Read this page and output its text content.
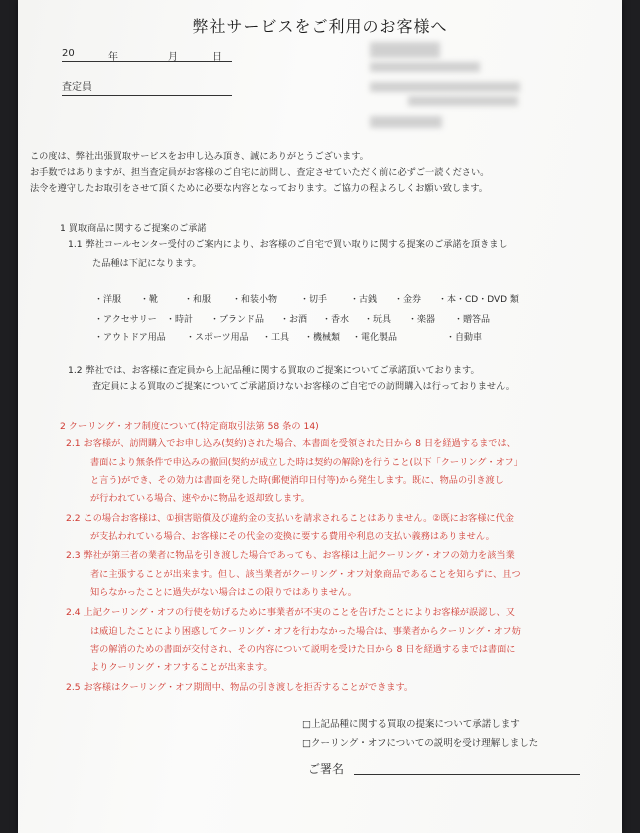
弊社サービスをご利用のお客様へ
20	年	月	日

査定員
この度は、弊社出張買取サービスをお申し込み頂き、誠にありがとうございます。
お手数ではありますが、担当査定員がお客様のご自宅に訪問し、査定させていただく前に必ずご一読ください。
法令を遵守したお取引をさせて頂くために必要な内容となっております。ご協力の程よろしくお願い致します。
1 買取商品に関するご提案のご承諾
1.1 弊社コールセンター受付のご案内により、お客様のご自宅で買い取りに関する提案のご承諾を頂きまし
た品種は下記になります。
・洋服 ・靴	・和服 ・和装小物	・切手	・古銭 ・金券 ・本・CD・DVD 類
・アクセサリー ・時計 ・ブランド品 ・お酒 ・香水 ・玩具 ・楽器 ・贈答品
・アウトドア用品 ・スポーツ用品 ・工具 ・機械類 ・電化製品	・自動車
1.2 弊社では、お客様に査定員から上記品種に関する買取のご提案についてご承諾頂いております。
査定員による買取のご提案についてご承諾頂けないお客様のご自宅での訪問購入は行っておりません。
2 クーリング・オフ制度について(特定商取引法第 58 条の 14)
2.1 お客様が、訪問購入でお申し込み(契約)された場合、本書面を受領された日から 8 日を経過するまでは、
書面により無条件で申込みの撤回(契約が成立した時は契約の解除)を行うこと(以下「クーリング・オフ」
と言う)ができ、その効力は書面を発した時(郵便消印日付等)から発生します。既に、物品の引き渡し
が行われている場合、速やかに物品を返却致します。
2.2 この場合お客様は、①損害賠償及び違約金の支払いを請求されることはありません。②既にお客様に代金
が支払われている場合、お客様にその代金の変換に要する費用や利息の支払い義務はありません。
2.3 弊社が第三者の業者に物品を引き渡した場合であっても、お客様は上記クーリング・オフの効力を該当業
者に主張することが出来ます。但し、該当業者がクーリング・オフ対象商品であることを知らずに、且つ
知らなかったことに過失がない場合はこの限りではありません。
2.4 上記クーリング・オフの行使を妨げるために事業者が不実のことを告げたことによりお客様が誤認し、又
は威迫したことにより困惑してクーリング・オフを行わなかった場合は、事業者からクーリング・オフ妨
害の解消のための書面が交付され、その内容について説明を受けた日から 8 日を経過するまでは書面に
よりクーリング・オフすることが出来ます。
2.5 お客様はクーリング・オフ期間中、物品の引き渡しを拒否することができます。
□上記品種に関する買取の提案について承諾します
□クーリング・オフについての説明を受け理解しました
ご署名
